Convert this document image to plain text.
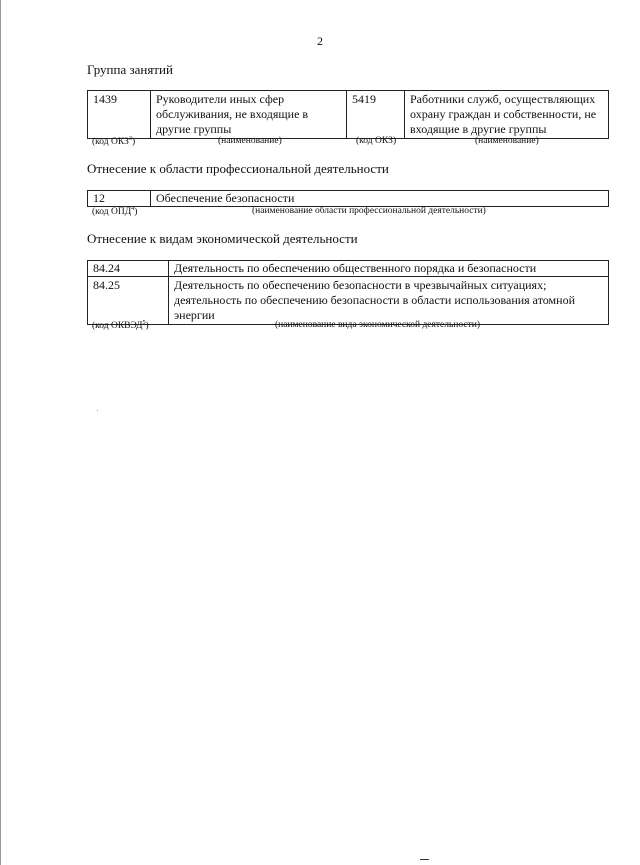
2
Группа занятий
1439	Руководители иных сфер обслуживания, не входящие в другие группы	5419	Работники служб, осуществляющих охрану граждан и собственности, не входящие в другие группы
(код ОКЗ$^3$)	(наименование)	(код ОКЗ)	(наименование)
Отнесение к области профессиональной деятельности
12	Обеспечение безопасности
(код ОПД$^4$)	(наименование области профессиональной деятельности)
Отнесение к видам экономической деятельности
84.24	Деятельность по обеспечению общественного порядка и безопасности
84.25	Деятельность по обеспечению безопасности в чрезвычайных ситуациях; деятельность по обеспечению безопасности в области использования атомной энергии
(код ОКВЭД$^5$)	(наименование вида экономической деятельности)
